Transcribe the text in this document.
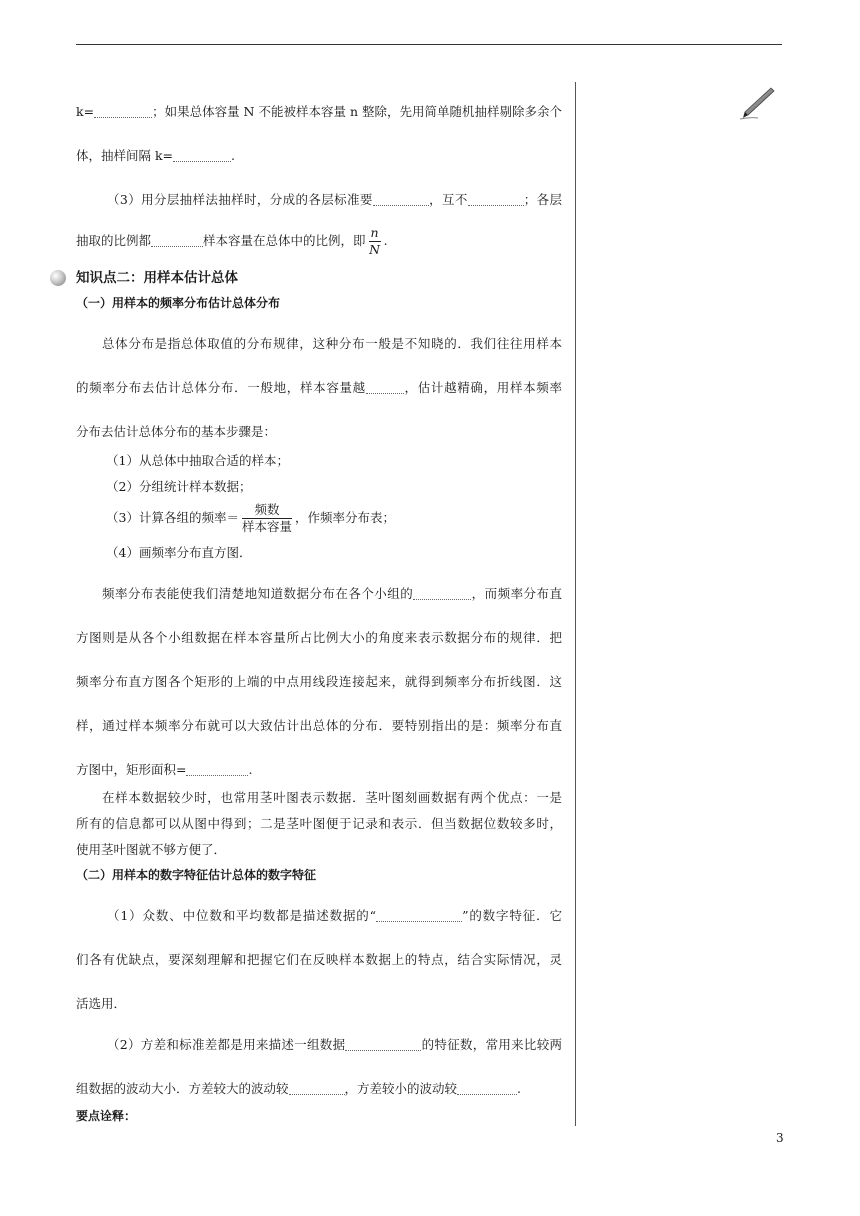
k=	；如果总体容量 N 不能被样本容量 n 整除，先用简单随机抽样剔除多余个
体，抽样间隔 k=	.
（3）用分层抽样法抽样时，分成的各层标准要	，互不	；各层
抽取的比例都	样本容量在总体中的比例，即 $\frac{n}{N}$ .
知识点二：用样本估计总体
（一）用样本的频率分布估计总体分布
总体分布是指总体取值的分布规律，这种分布一般是不知晓的．我们往往用样本
的频率分布去估计总体分布．一般地，样本容量越	，估计越精确，用样本频率
分布去估计总体分布的基本步骤是：
（1）从总体中抽取合适的样本；
（2）分组统计样本数据；
（3）计算各组的频率＝ $\frac{\text{频数}}{\text{样本容量}}$ ，作频率分布表；
（4）画频率分布直方图．
频率分布表能使我们清楚地知道数据分布在各个小组的	，而频率分布直
方图则是从各个小组数据在样本容量所占比例大小的角度来表示数据分布的规律．把
频率分布直方图各个矩形的上端的中点用线段连接起来，就得到频率分布折线图．这
样，通过样本频率分布就可以大致估计出总体的分布．要特别指出的是：频率分布直
方图中，矩形面积=	.
在样本数据较少时，也常用茎叶图表示数据．茎叶图刻画数据有两个优点：一是
所有的信息都可以从图中得到；二是茎叶图便于记录和表示．但当数据位数较多时，
使用茎叶图就不够方便了．
（二）用样本的数字特征估计总体的数字特征
（1）众数、中位数和平均数都是描述数据的“	”的数字特征．它
们各有优缺点，要深刻理解和把握它们在反映样本数据上的特点，结合实际情况，灵
活选用．
（2）方差和标准差都是用来描述一组数据	的特征数，常用来比较两
组数据的波动大小．方差较大的波动较	，方差较小的波动较	.
要点诠释：
3
